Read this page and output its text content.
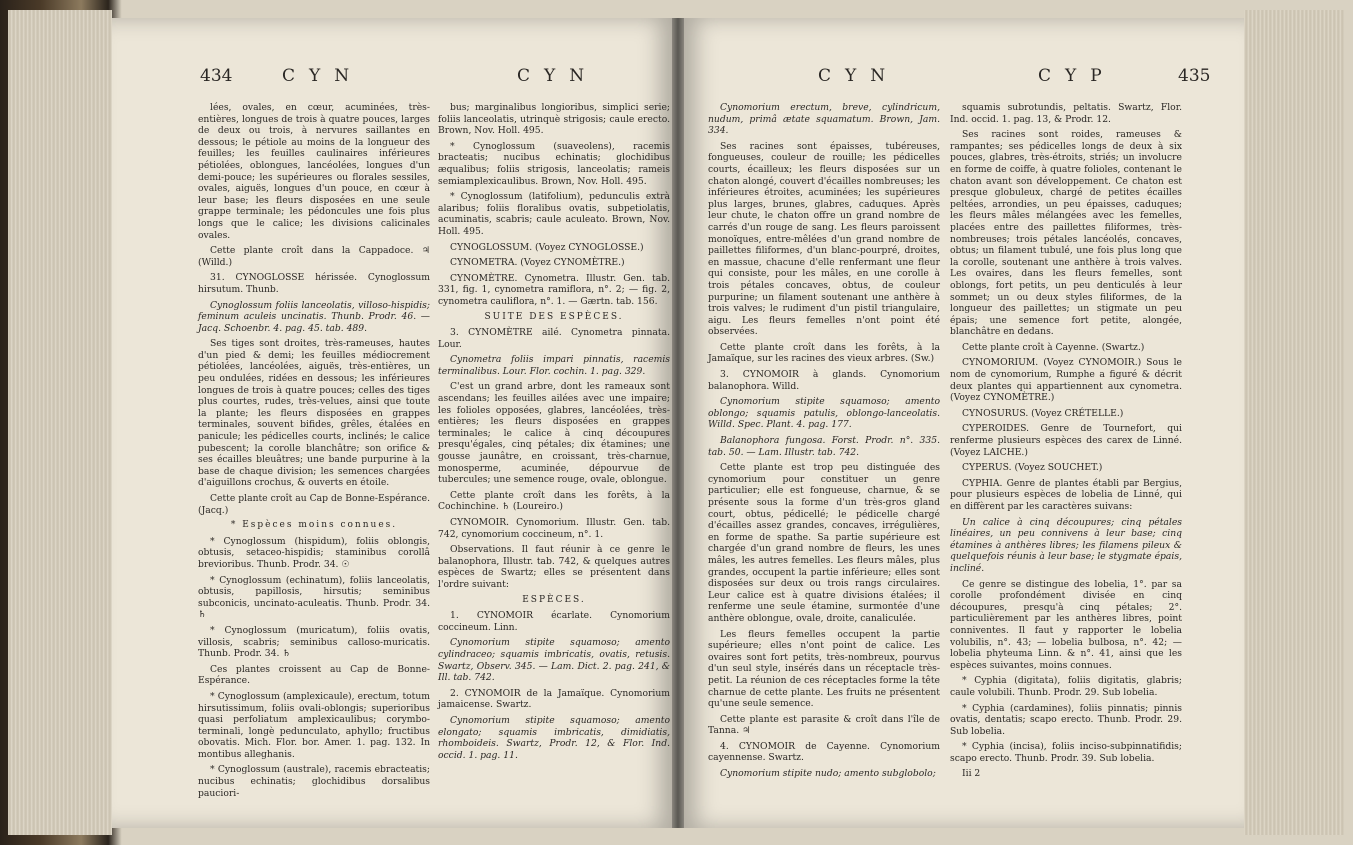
434	CYN	CYN

lées, ovales, en cœur, acuminées, très-entières, longues de trois à quatre pouces, larges de deux ou trois, à nervures saillantes en dessous; le pétiole au moins de la longueur des feuilles; les feuilles caulinaires inférieures pétiolées, oblongues, lancéolées, longues d'un demi-pouce; les supérieures ou florales sessiles, ovales, aiguës, longues d'un pouce, en cœur à leur base; les fleurs disposées en une seule grappe terminale; les pédoncules une fois plus longs que le calice; les divisions calicinales ovales.

Cette plante croît dans la Cappadoce. ♃ (Willd.)

31. CYNOGLOSSE hérissée. Cynoglossum hirsutum. Thunb.

Cynoglossum foliis lanceolatis, villoso-hispidis; feminum aculeis uncinatis. Thunb. Prodr. 46. — Jacq. Schoenbr. 4. pag. 45. tab. 489.

Ses tiges sont droites, très-rameuses, hautes d'un pied & demi; les feuilles médiocrement pétiolées, lancéolées, aiguës, très-entières, un peu ondulées, ridées en dessous; les inférieures longues de trois à quatre pouces; celles des tiges plus courtes, rudes, très-velues, ainsi que toute la plante; les fleurs disposées en grappes terminales, souvent bifides, grêles, étalées en panicule; les pédicelles courts, inclinés; le calice pubescent; la corolle blanchâtre; son orifice & ses écailles bleuâtres; une bande purpurine à la base de chaque division; les semences chargées d'aiguillons crochus, & ouverts en étoile.

Cette plante croît au Cap de Bonne-Espérance. (Jacq.)

* Espèces moins connues.

* Cynoglossum (hispidum), foliis oblongis, obtusis, setaceo-hispidis; staminibus corollâ brevioribus. Thunb. Prodr. 34. ☉

* Cynoglossum (echinatum), foliis lanceolatis, obtusis, papillosis, hirsutis; seminibus subconicis, uncinato-aculeatis. Thunb. Prodr. 34. ♄

* Cynoglossum (muricatum), foliis ovatis, villosis, scabris; seminibus calloso-muricatis. Thunb. Prodr. 34. ♄

Ces plantes croissent au Cap de Bonne-Espérance.

* Cynoglossum (amplexicaule), erectum, totum hirsutissimum, foliis ovali-oblongis; superioribus quasi perfoliatum amplexicaulibus; corymbo-terminali, longè pedunculato, aphyllo; fructibus obovatis. Mich. Flor. bor. Amer. 1. pag. 132. In montibus alleghanis.

* Cynoglossum (australe), racemis ebracteatis; nucibus echinatis; glochidibus dorsalibus pauciori-

bus; marginalibus longioribus, simplici serie; foliis lanceolatis, utrinquè strigosis; caule erecto. Brown, Nov. Holl. 495.

* Cynoglossum (suaveolens), racemis bracteatis; nucibus echinatis; glochidibus æqualibus; foliis strigosis, lanceolatis; rameis semiamplexicaulibus. Brown, Nov. Holl. 495.

* Cynoglossum (latifolium), pedunculis extrà alaribus; foliis floralibus ovatis, subpetiolatis, acuminatis, scabris; caule aculeato. Brown, Nov. Holl. 495.

CYNOGLOSSUM. (Voyez CYNOGLOSSE.)

CYNOMETRA. (Voyez CYNOMÈTRE.)

CYNOMÈTRE. Cynometra. Illustr. Gen. tab. 331, fig. 1, cynometra ramiflora, n°. 2; — fig. 2, cynometra cauliflora, n°. 1. — Gærtn. tab. 156.

SUITE DES ESPÈCES.

3. CYNOMÈTRE ailé. Cynometra pinnata. Lour.

Cynometra foliis impari pinnatis, racemis terminalibus. Lour. Flor. cochin. 1. pag. 329.

C'est un grand arbre, dont les rameaux sont ascendans; les feuilles ailées avec une impaire; les folioles opposées, glabres, lancéolées, très-entières; les fleurs disposées en grappes terminales; le calice à cinq découpures presqu'égales, cinq pétales; dix étamines; une gousse jaunâtre, en croissant, très-charnue, monosperme, acuminée, dépourvue de tubercules; une semence rouge, ovale, oblongue.

Cette plante croît dans les forêts, à la Cochinchine. ♄ (Loureiro.)

CYNOMOIR. Cynomorium. Illustr. Gen. tab. 742, cynomorium coccineum, n°. 1.

Observations. Il faut réunir à ce genre le balanophora, Illustr. tab. 742, & quelques autres espèces de Swartz; elles se présentent dans l'ordre suivant:

ESPÈCES.

1. CYNOMOIR écarlate. Cynomorium coccineum. Linn.

Cynomorium stipite squamoso; amento cylindraceo; squamis imbricatis, ovatis, retusis. Swartz, Observ. 345. — Lam. Dict. 2. pag. 241, & Ill. tab. 742.

2. CYNOMOIR de la Jamaïque. Cynomorium jamaicense. Swartz.

Cynomorium stipite squamoso; amento elongato; squamis imbricatis, dimidiatis, rhomboideis. Swartz, Prodr. 12, & Flor. Ind. occid. 1. pag. 11.

CYN	CYP	435

Cynomorium erectum, breve, cylindricum, nudum, primâ ætate squamatum. Brown, Jam. 334.

Ses racines sont épaisses, tubéreuses, fongueuses, couleur de rouille; les pédicelles courts, écailleux; les fleurs disposées sur un chaton alongé, couvert d'écailles nombreuses; les inférieures étroites, acuminées; les supérieures plus larges, brunes, glabres, caduques. Après leur chute, le chaton offre un grand nombre de carrés d'un rouge de sang. Les fleurs paroissent monoïques, entre-mêlées d'un grand nombre de paillettes filiformes, d'un blanc-pourpré, droites, en massue, chacune d'elle renfermant une fleur qui consiste, pour les mâles, en une corolle à trois pétales concaves, obtus, de couleur purpurine; un filament soutenant une anthère à trois valves; le rudiment d'un pistil triangulaire, aigu. Les fleurs femelles n'ont point été observées.

Cette plante croît dans les forêts, à la Jamaïque, sur les racines des vieux arbres. (Sw.)

3. CYNOMOIR à glands. Cynomorium balanophora. Willd.

Cynomorium stipite squamoso; amento oblongo; squamis patulis, oblongo-lanceolatis. Willd. Spec. Plant. 4. pag. 177.

Balanophora fungosa. Forst. Prodr. n°. 335. tab. 50. — Lam. Illustr. tab. 742.

Cette plante est trop peu distinguée des cynomorium pour constituer un genre particulier; elle est fongueuse, charnue, & se présente sous la forme d'un très-gros gland court, obtus, pédicellé; le pédicelle chargé d'écailles assez grandes, concaves, irrégulières, en forme de spathe. Sa partie supérieure est chargée d'un grand nombre de fleurs, les unes mâles, les autres femelles. Les fleurs mâles, plus grandes, occupent la partie inférieure; elles sont disposées sur deux ou trois rangs circulaires. Leur calice est à quatre divisions étalées; il renferme une seule étamine, surmontée d'une anthère oblongue, ovale, droite, canaliculée.

Les fleurs femelles occupent la partie supérieure; elles n'ont point de calice. Les ovaires sont fort petits, très-nombreux, pourvus d'un seul style, insérés dans un réceptacle très-petit. La réunion de ces réceptacles forme la tête charnue de cette plante. Les fruits ne présentent qu'une seule semence.

Cette plante est parasite & croît dans l'île de Tanna. ♃

4. CYNOMOIR de Cayenne. Cynomorium cayennense. Swartz.

Cynomorium stipite nudo; amento subglobolo;

squamis subrotundis, peltatis. Swartz, Flor. Ind. occid. 1. pag. 13, & Prodr. 12.

Ses racines sont roides, rameuses & rampantes; ses pédicelles longs de deux à six pouces, glabres, très-étroits, striés; un involucre en forme de coiffe, à quatre folioles, contenant le chaton avant son développement. Ce chaton est presque globuleux, chargé de petites écailles peltées, arrondies, un peu épaisses, caduques; les fleurs mâles mélangées avec les femelles, placées entre des paillettes filiformes, très-nombreuses; trois pétales lancéolés, concaves, obtus; un filament tubulé, une fois plus long que la corolle, soutenant une anthère à trois valves. Les ovaires, dans les fleurs femelles, sont oblongs, fort petits, un peu denticulés à leur sommet; un ou deux styles filiformes, de la longueur des paillettes; un stigmate un peu épais; une semence fort petite, alongée, blanchâtre en dedans.

Cette plante croît à Cayenne. (Swartz.)

CYNOMORIUM. (Voyez CYNOMOIR.) Sous le nom de cynomorium, Rumphe a figuré & décrit deux plantes qui appartiennent aux cynometra. (Voyez CYNOMÈTRE.)

CYNOSURUS. (Voyez CRÉTELLE.)

CYPEROIDES. Genre de Tournefort, qui renferme plusieurs espèces des carex de Linné. (Voyez LAICHE.)

CYPERUS. (Voyez SOUCHET.)

CYPHIA. Genre de plantes établi par Bergius, pour plusieurs espèces de lobelia de Linné, qui en diffèrent par les caractères suivans:

Un calice à cinq découpures; cinq pétales linéaires, un peu connivens à leur base; cinq étamines à anthères libres; les filamens pileux & quelquefois réunis à leur base; le stygmate épais, incliné.

Ce genre se distingue des lobelia, 1°. par sa corolle profondément divisée en cinq découpures, presqu'à cinq pétales; 2°. particulièrement par les anthères libres, point conniventes. Il faut y rapporter le lobelia volubilis, n°. 43; — lobelia bulbosa, n°. 42; — lobelia phyteuma Linn. & n°. 41, ainsi que les espèces suivantes, moins connues.

* Cyphia (digitata), foliis digitatis, glabris; caule volubili. Thunb. Prodr. 29. Sub lobelia.

* Cyphia (cardamines), foliis pinnatis; pinnis ovatis, dentatis; scapo erecto. Thunb. Prodr. 29. Sub lobelia.

* Cyphia (incisa), foliis inciso-subpinnatifidis; scapo erecto. Thunb. Prodr. 39. Sub lobelia.

Iii 2
